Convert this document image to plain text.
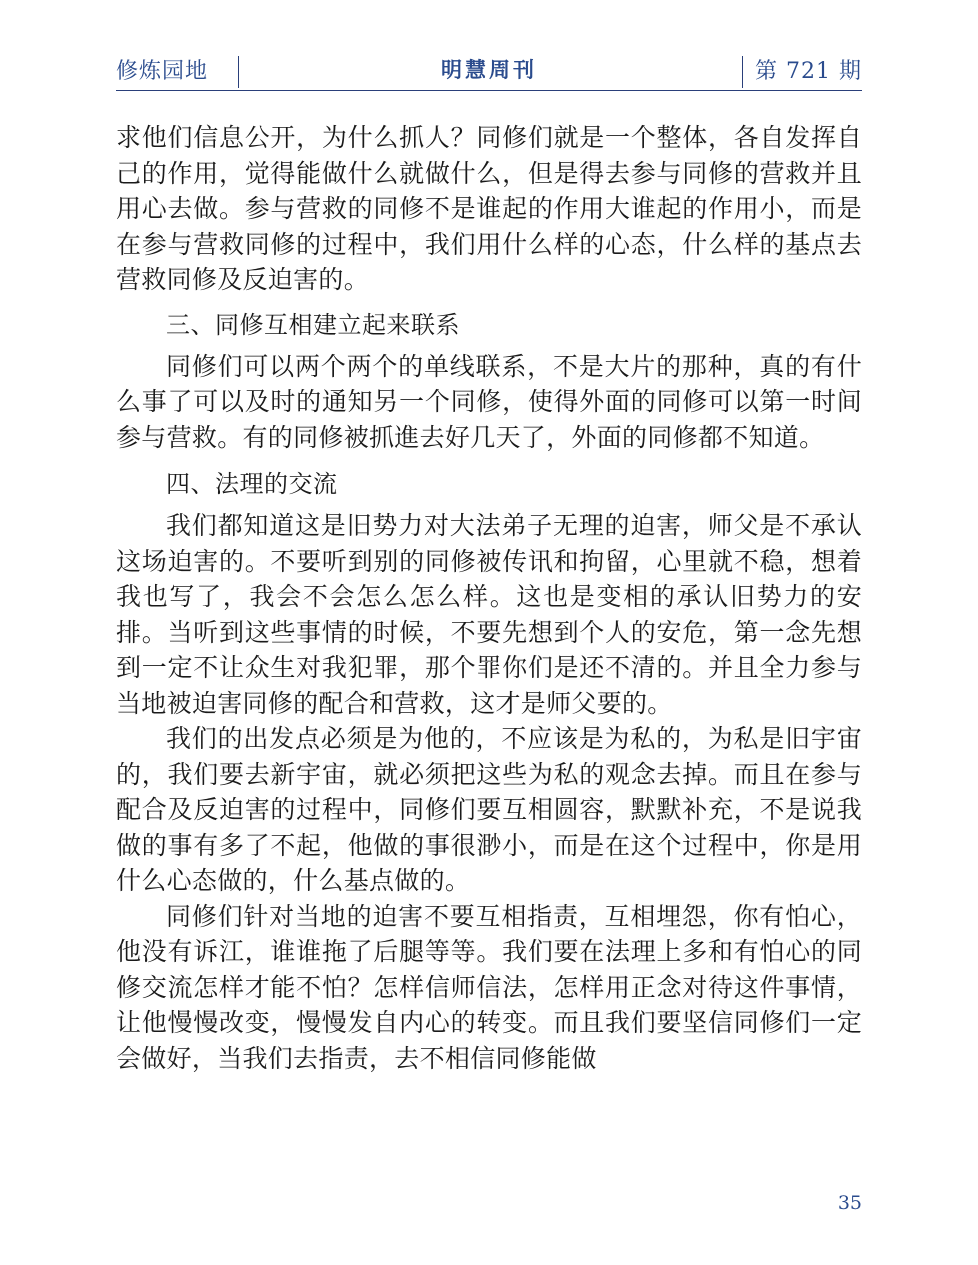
修炼园地	明慧周刊	第 721 期

求他们信息公开，为什么抓人？同修们就是一个整体，各自发挥自己的作用，觉得能做什么就做什么，但是得去参与同修的营救并且用心去做。参与营救的同修不是谁起的作用大谁起的作用小，而是在参与营救同修的过程中，我们用什么样的心态，什么样的基点去营救同修及反迫害的。

三、同修互相建立起来联系

同修们可以两个两个的单线联系，不是大片的那种，真的有什么事了可以及时的通知另一个同修，使得外面的同修可以第一时间参与营救。有的同修被抓進去好几天了，外面的同修都不知道。

四、法理的交流

我们都知道这是旧势力对大法弟子无理的迫害，师父是不承认这场迫害的。不要听到别的同修被传讯和拘留，心里就不稳，想着我也写了，我会不会怎么怎么样。这也是变相的承认旧势力的安排。当听到这些事情的时候，不要先想到个人的安危，第一念先想到一定不让众生对我犯罪，那个罪你们是还不清的。并且全力参与当地被迫害同修的配合和营救，这才是师父要的。

我们的出发点必须是为他的，不应该是为私的，为私是旧宇宙的，我们要去新宇宙，就必须把这些为私的观念去掉。而且在参与配合及反迫害的过程中，同修们要互相圆容，默默补充，不是说我做的事有多了不起，他做的事很渺小，而是在这个过程中，你是用什么心态做的，什么基点做的。

同修们针对当地的迫害不要互相指责，互相埋怨，你有怕心，他没有诉江，谁谁拖了后腿等等。我们要在法理上多和有怕心的同修交流怎样才能不怕？怎样信师信法，怎样用正念对待这件事情，让他慢慢改变，慢慢发自内心的转变。而且我们要坚信同修们一定会做好，当我们去指责，去不相信同修能做

35
